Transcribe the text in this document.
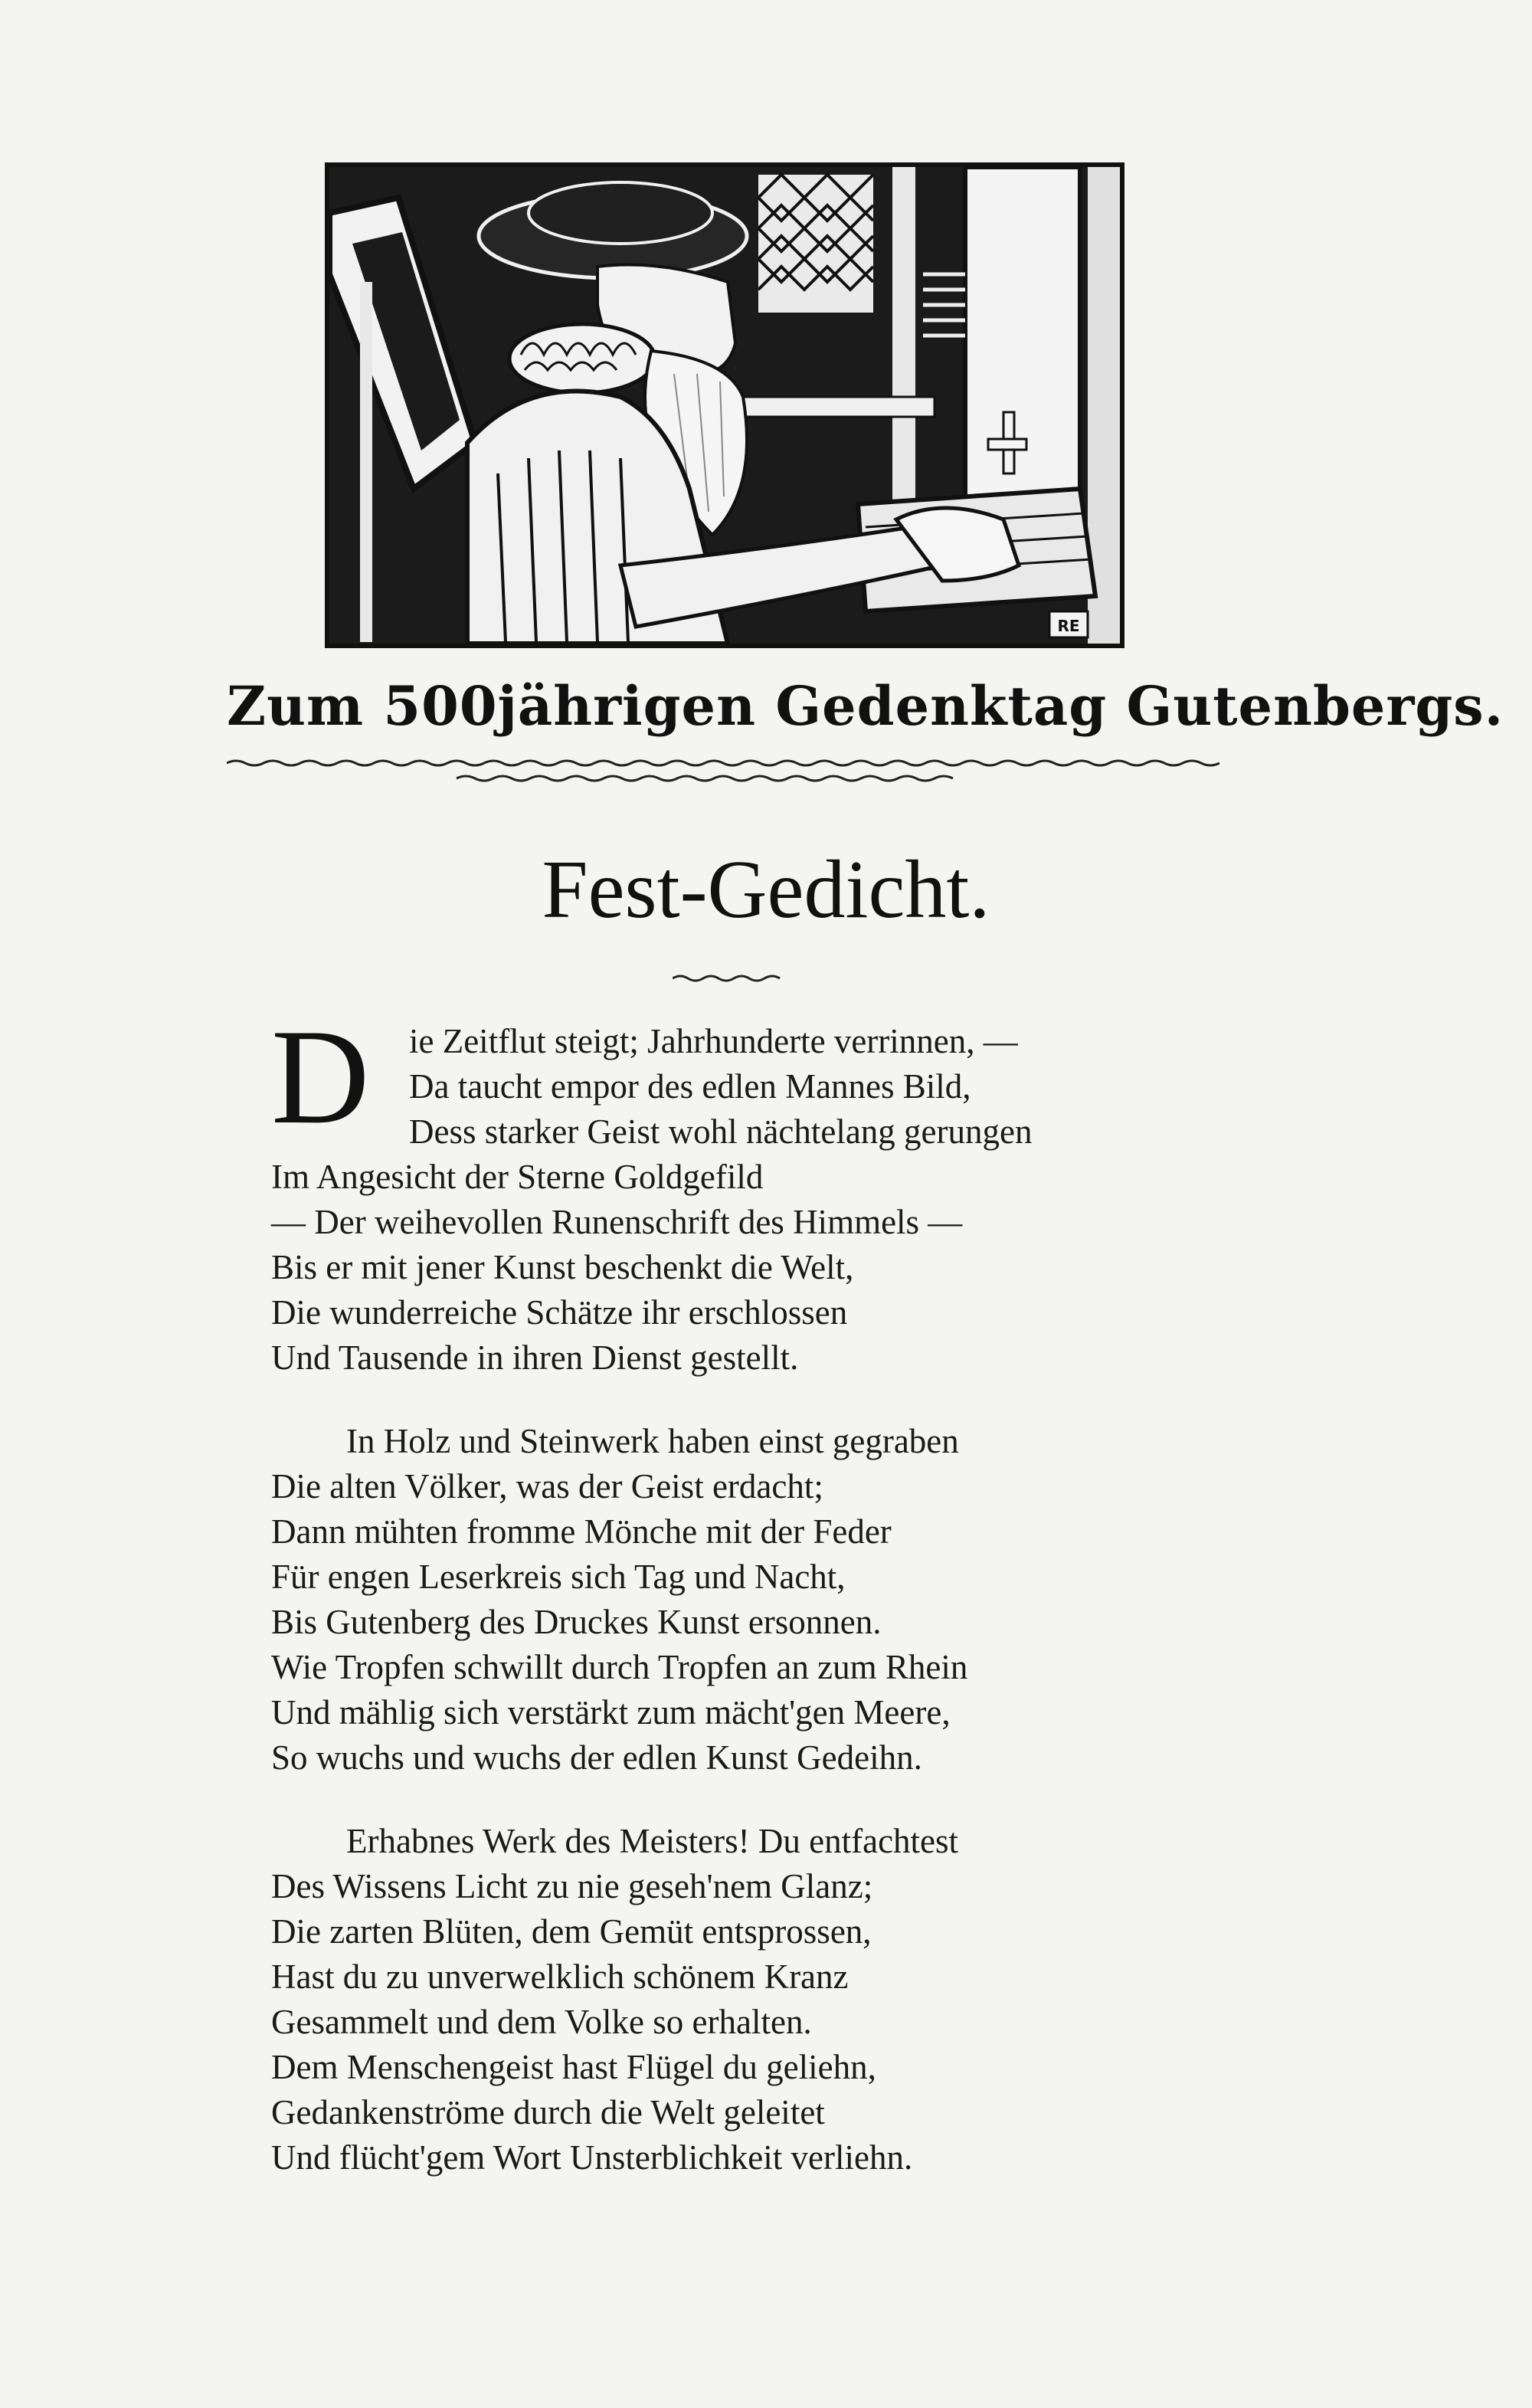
RE
Zum 500jährigen Gedenktag Gutenbergs.
Fest-Gedicht.
D	ie Zeitflut steigt; Jahrhunderte verrinnen, —
Da taucht empor des edlen Mannes Bild,
Dess starker Geist wohl nächtelang gerungen
Im Angesicht der Sterne Goldgefild
— Der weihevollen Runenschrift des Himmels —
Bis er mit jener Kunst beschenkt die Welt,
Die wunderreiche Schätze ihr erschlossen
Und Tausende in ihren Dienst gestellt.
In Holz und Steinwerk haben einst gegraben
Die alten Völker, was der Geist erdacht;
Dann mühten fromme Mönche mit der Feder
Für engen Leserkreis sich Tag und Nacht,
Bis Gutenberg des Druckes Kunst ersonnen.
Wie Tropfen schwillt durch Tropfen an zum Rhein
Und mählig sich verstärkt zum mächt'gen Meere,
So wuchs und wuchs der edlen Kunst Gedeihn.
Erhabnes Werk des Meisters! Du entfachtest
Des Wissens Licht zu nie geseh'nem Glanz;
Die zarten Blüten, dem Gemüt entsprossen,
Hast du zu unverwelklich schönem Kranz
Gesammelt und dem Volke so erhalten.
Dem Menschengeist hast Flügel du geliehn,
Gedankenströme durch die Welt geleitet
Und flücht'gem Wort Unsterblichkeit verliehn.
